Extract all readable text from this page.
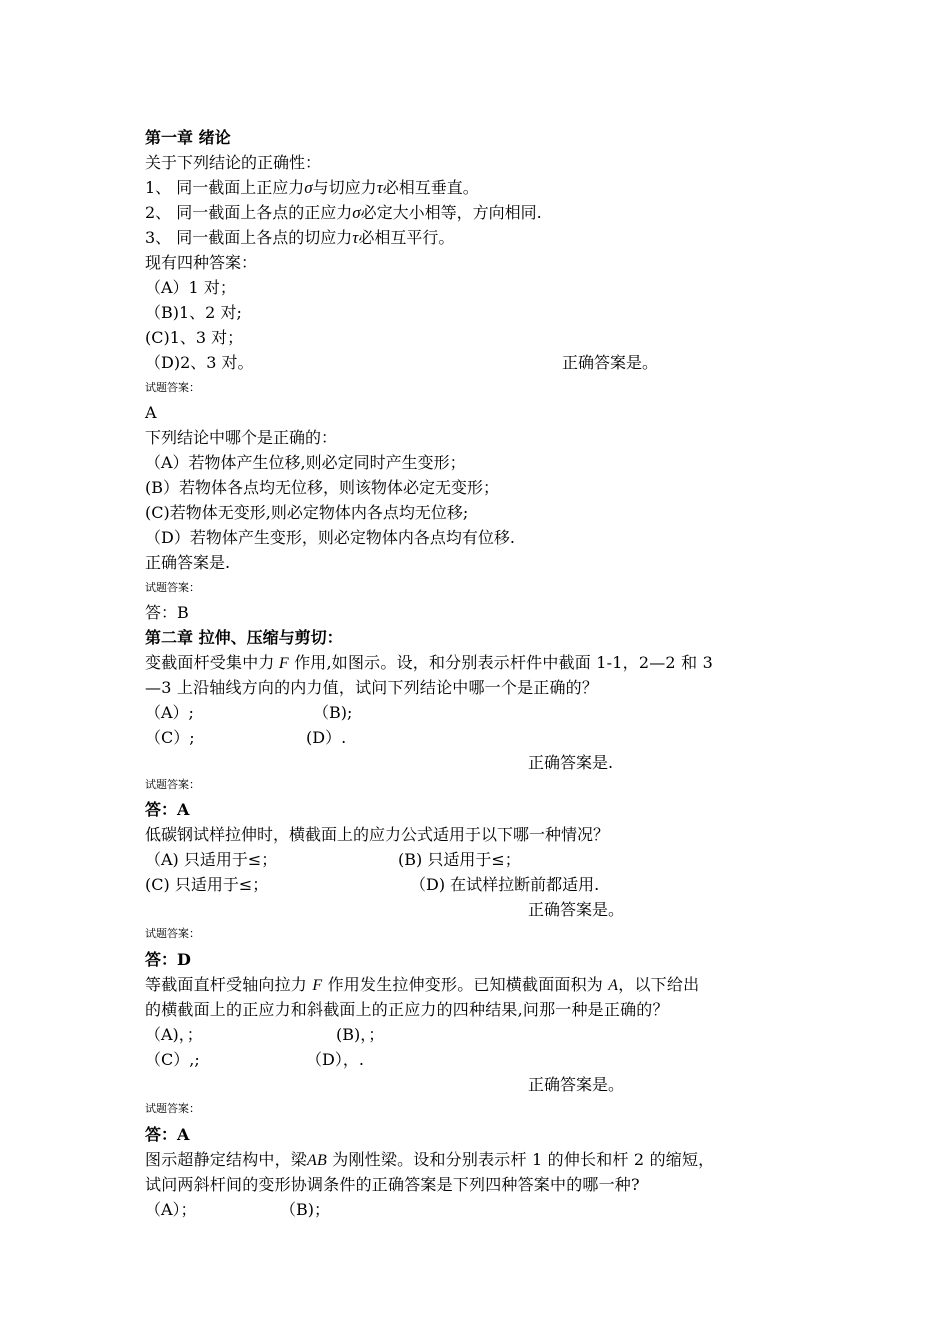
第一章 绪论
关于下列结论的正确性：
1、 同一截面上正应力σ与切应力τ必相互垂直。
2、 同一截面上各点的正应力σ必定大小相等，方向相同.
3、 同一截面上各点的切应力τ必相互平行。
现有四种答案：
（A）1 对；
（B)1、2 对;
(C)1、3 对；
（D)2、3 对。	正确答案是。
试题答案：
A
下列结论中哪个是正确的：
（A）若物体产生位移,则必定同时产生变形；
(B）若物体各点均无位移，则该物体必定无变形；
(C)若物体无变形,则必定物体内各点均无位移;
（D）若物体产生变形，则必定物体内各点均有位移.
正确答案是.
试题答案：
答：B
第二章 拉伸、压缩与剪切：
变截面杆受集中力 F 作用,如图示。设，和分别表示杆件中截面 1-1，2—2 和 3
—3 上沿轴线方向的内力值，试问下列结论中哪一个是正确的？
（A）;	（B);
（C）;	(D）.
正确答案是.
试题答案：
答：A
低碳钢试样拉伸时，横截面上的应力公式适用于以下哪一种情况？
（A) 只适用于≤；	(B) 只适用于≤；
(C) 只适用于≤；	（D) 在试样拉断前都适用.
正确答案是。
试题答案：
答：D
等截面直杆受轴向拉力 F 作用发生拉伸变形。已知横截面面积为 A，以下给出
的横截面上的正应力和斜截面上的正应力的四种结果,问那一种是正确的？
（A)，；	(B)，；
（C）,;	（D），.
正确答案是。
试题答案：
答：A
图示超静定结构中，梁AB 为刚性梁。设和分别表示杆 1 的伸长和杆 2 的缩短，
试问两斜杆间的变形协调条件的正确答案是下列四种答案中的哪一种?
（A）；	（B)；
